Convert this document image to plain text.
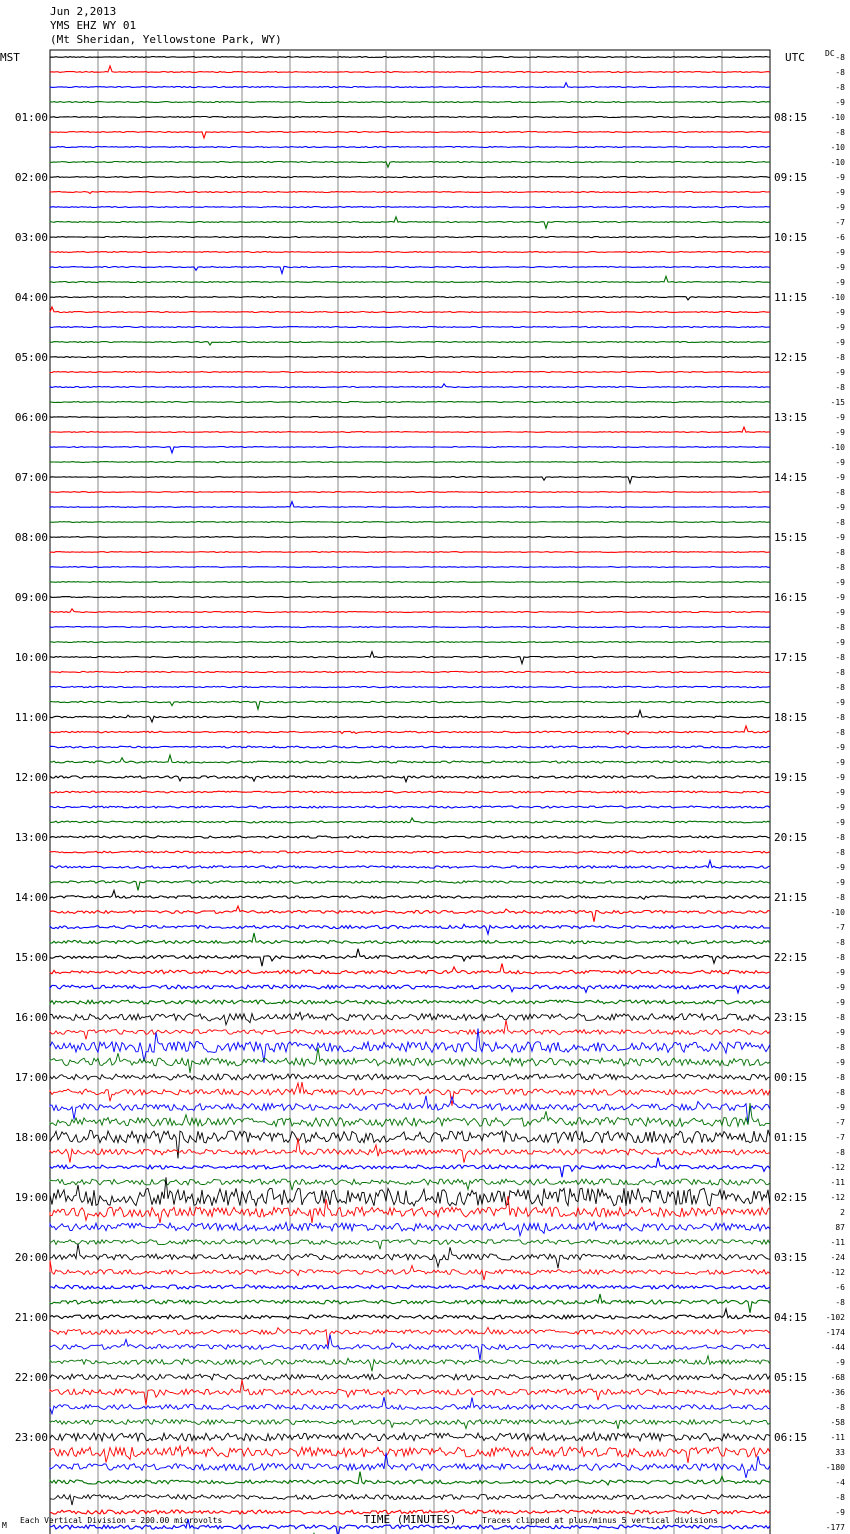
Jun 2,2013
YMS EHZ WY 01
(Mt Sheridan, Yellowstone Park, WY)
-8
-8
-8
-9
-10
-8
-10
-10
-9
-9
-9
-7
-6
-9
-9
-9
-10
-9
-9
-9
-8
-9
-8
-15
-9
-9
-10
-9
-9
-8
-9
-8
-9
-8
-8
-9
-9
-9
-8
-9
-8
-8
-8
-9
-8
-8
-9
-9
-9
-9
-9
-9
-8
-8
-9
-9
-8
-10
-7
-8
-8
-9
-9
-9
-8
-9
-8
-9
-8
-8
-9
-7
-7
-8
-12
-11
-12
2
87
-11
-24
-12
-6
-8
-102
-174
-44
-9
-68
-36
-8
-58
-11
33
-180
-4
-8
-9
-177
MST	UTC	DC
01:00
02:00
03:00
04:00
05:00
06:00
07:00
08:00
09:00
10:00
11:00
12:00
13:00
14:00
15:00
16:00
17:00
18:00
19:00
20:00
21:00
22:00
23:00
08:15
09:15
10:15
11:15
12:15
13:15
14:15
15:15
16:15
17:15
18:15
19:15
20:15
21:15
22:15
23:15
00:15
01:15
02:15
03:15
04:15
05:15
06:15
TIME (MINUTES)
Each Vertical Division = 200.00 microvolts	Traces clipped at plus/minus 5 vertical divisions
M
